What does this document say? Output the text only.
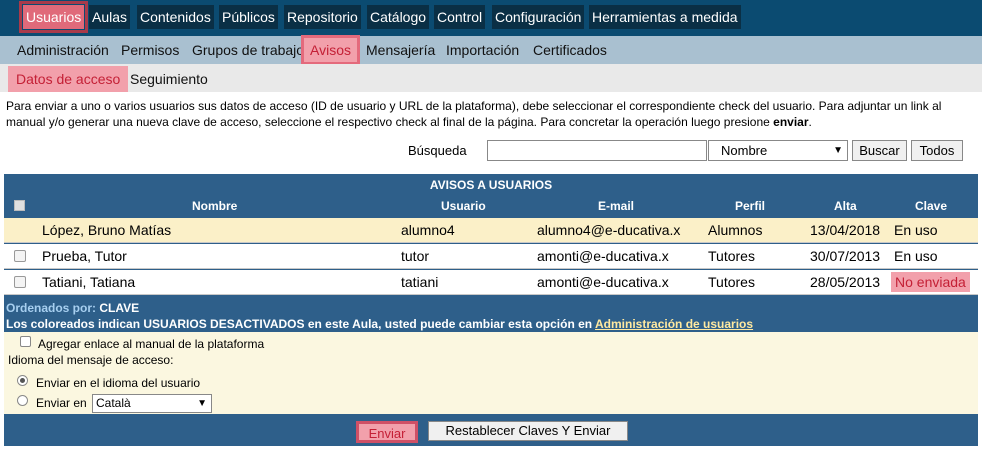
Usuarios Aulas Contenidos Públicos Repositorio Catálogo Control Configuración Herramientas a medida
Administración Permisos Grupos de trabajo Avisos	Mensajería Importación Certificados
Datos de acceso Seguimiento
Para enviar a uno o varios usuarios sus datos de acceso (ID de usuario y URL de la plataforma), debe seleccionar el correspondiente check del usuario. Para adjuntar un link al manual y/o generar una nueva clave de acceso, seleccione el respectivo check al final de la página. Para concretar la operación luego presione enviar.
Búsqueda	Nombre	▼	Buscar	Todos
AVISOS A USUARIOS
Nombre	Usuario	E-mail	Perfil	Alta	Clave
López, Bruno Matías	alumno4	alumno4@e-ducativa.x Alumnos	13/04/2018 En uso
Prueba, Tutor	tutor	amonti@e-ducativa.x	Tutores	30/07/2013 En uso
Tatiani, Tatiana	tatiani	amonti@e-ducativa.x	Tutores	28/05/2013 No enviada
Ordenados por: CLAVE
Los coloreados indican USUARIOS DESACTIVADOS en este Aula, usted puede cambiar esta opción en Administración de usuarios
Agregar enlace al manual de la plataforma
Idioma del mensaje de acceso:
Enviar en el idioma del usuario
Enviar en Català	▼
Enviar	Restablecer Claves Y Enviar
